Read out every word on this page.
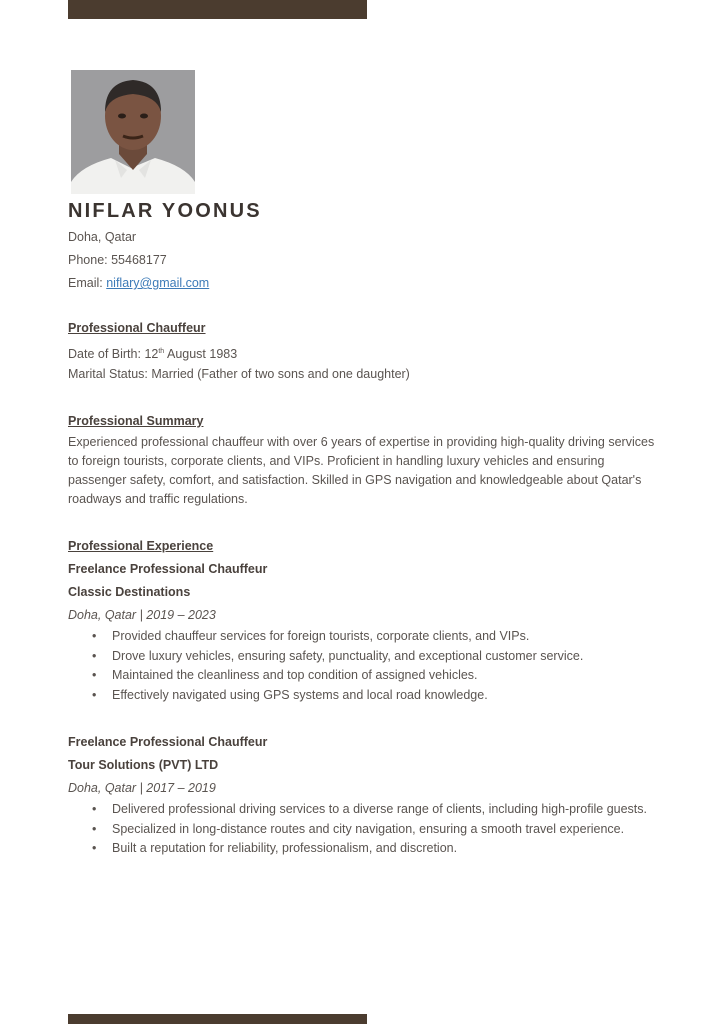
NIFLAR YOONUS
Doha, Qatar
Phone: 55468177
Email: niflary@gmail.com
Professional Chauffeur
Date of Birth: 12th August 1983
Marital Status: Married (Father of two sons and one daughter)
Professional Summary

Experienced professional chauffeur with over 6 years of expertise in providing high-quality driving services to foreign tourists, corporate clients, and VIPs. Proficient in handling luxury vehicles and ensuring passenger safety, comfort, and satisfaction. Skilled in GPS navigation and knowledgeable about Qatar's roadways and traffic regulations.

Professional Experience
Freelance Professional Chauffeur
Classic Destinations
Doha, Qatar | 2019 – 2023
• Provided chauffeur services for foreign tourists, corporate clients, and VIPs.
• Drove luxury vehicles, ensuring safety, punctuality, and exceptional customer service.
• Maintained the cleanliness and top condition of assigned vehicles.
• Effectively navigated using GPS systems and local road knowledge.
Freelance Professional Chauffeur
Tour Solutions (PVT) LTD
Doha, Qatar | 2017 – 2019
• Delivered professional driving services to a diverse range of clients, including high-profile guests.
• Specialized in long-distance routes and city navigation, ensuring a smooth travel experience.
• Built a reputation for reliability, professionalism, and discretion.
